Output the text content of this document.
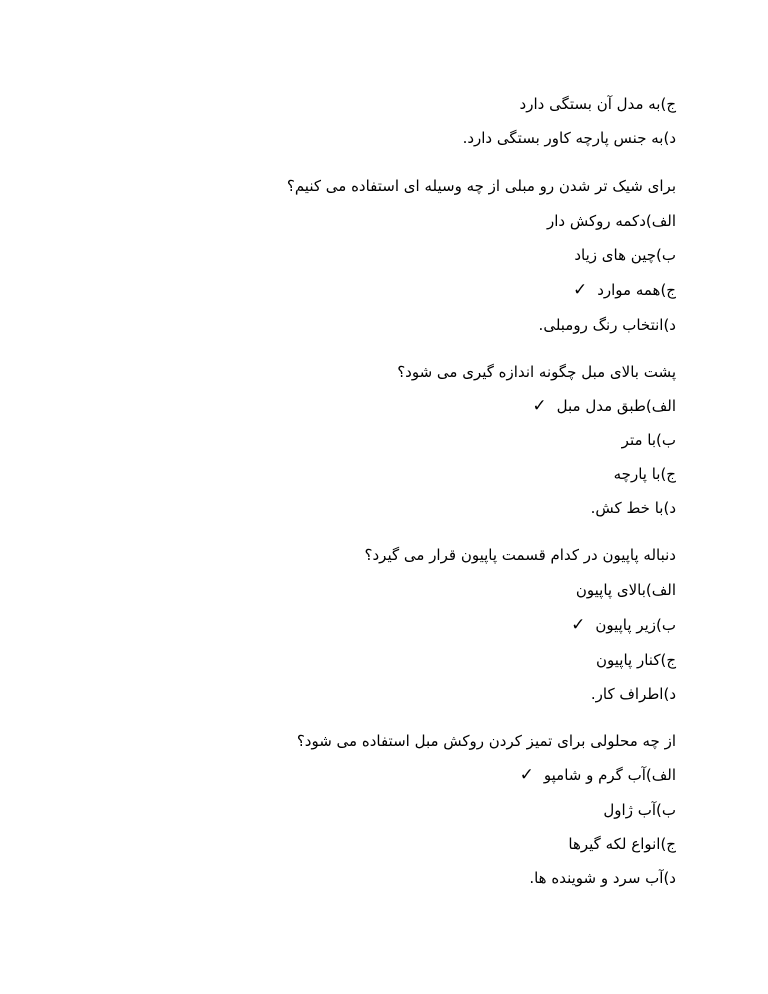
ج)به مدل آن بستگی دارد
د)به جنس پارچه کاور بستگی دارد.
برای شیک تر شدن رو مبلی از چه وسیله ای استفاده می کنیم؟
الف)دکمه روکش دار
ب)چین های زیاد
ج)همه موارد✓
د)انتخاب رنگ رومبلی.
پشت بالای مبل چگونه اندازه گیری می شود؟
الف)طبق مدل مبل✓
ب)با متر
ج)با پارچه
د)با خط کش.
دنباله پاپیون در کدام قسمت پاپیون قرار می گیرد؟
الف)بالای پاپیون
ب)زیر پاپیون✓
ج)کنار پاپیون
د)اطراف کار.
از چه محلولی برای تمیز کردن روکش مبل استفاده می شود؟
الف)آب گرم و شامپو✓
ب)آب ژاول
ج)انواع لکه گیرها
د)آب سرد و شوینده ها.
